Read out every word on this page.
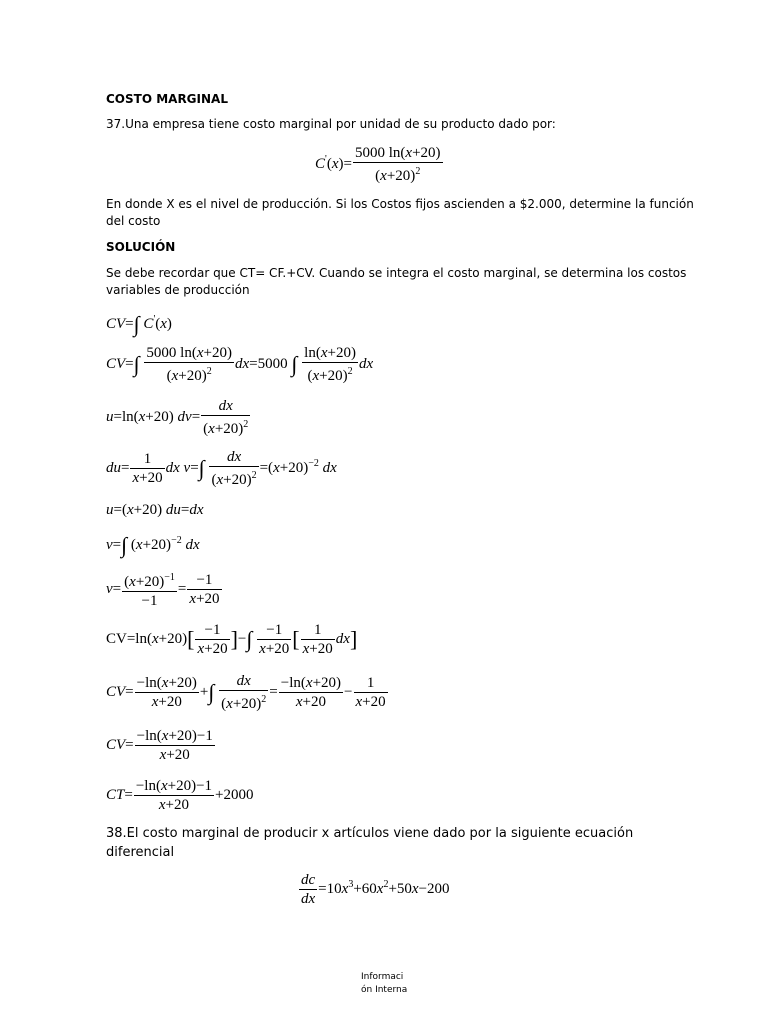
COSTO MARGINAL
37.Una empresa tiene costo marginal por unidad de su producto dado por:
$C'(x)= \frac{5000 \ln(x+20)}{(x+20)^2}$
En donde X es el nivel de producción. Si los Costos fijos ascienden a $2.000, determine la función
del costo
SOLUCIÓN
Se debe recordar que CT= CF.+CV. Cuando se integra el costo marginal, se determina los costos
variables de producción
CV=∫ C'(x)
$CV=\int \frac{5000 \ln(x+20)}{(x+20)^2} dx=5000$ ∫ $\frac{\ln(x+20)}{(x+20)^2}$ dx
u=ln(x+20) $dv= \frac{dx}{(x+20)^2}$
$du= \frac{1}{x+20}$ dx $v=\int \frac{dx}{(x+20)^2} =(x+20)^{-2}$ dx
u=(x+20) du=dx
v=∫ $(x+20)^{-2}$ dx
$v= \frac{(x+20)^{-1}}{-1} = \frac{-1}{x+20}$
$CV=\ln(x+20)[ \frac{-1}{x+20}$ ]−∫ $\frac{-1}{x+20}$ [ $\frac{1}{x+20} dx$]
$CV= \frac{-\ln(x+20)}{x+20}$ +∫ $\frac{dx}{(x+20)^2} = \frac{-\ln(x+20)}{x+20} - \frac{1}{x+20}$
$CV= \frac{-\ln(x+20)-1}{x+20}$
$CT= \frac{-\ln(x+20)-1}{x+20} +2000$
38.El costo marginal de producir x artículos viene dado por la siguiente ecuación
diferencial
$\frac{dc}{dx} =10x^3+60x^2+50x-200$
Informaci
ón Interna
